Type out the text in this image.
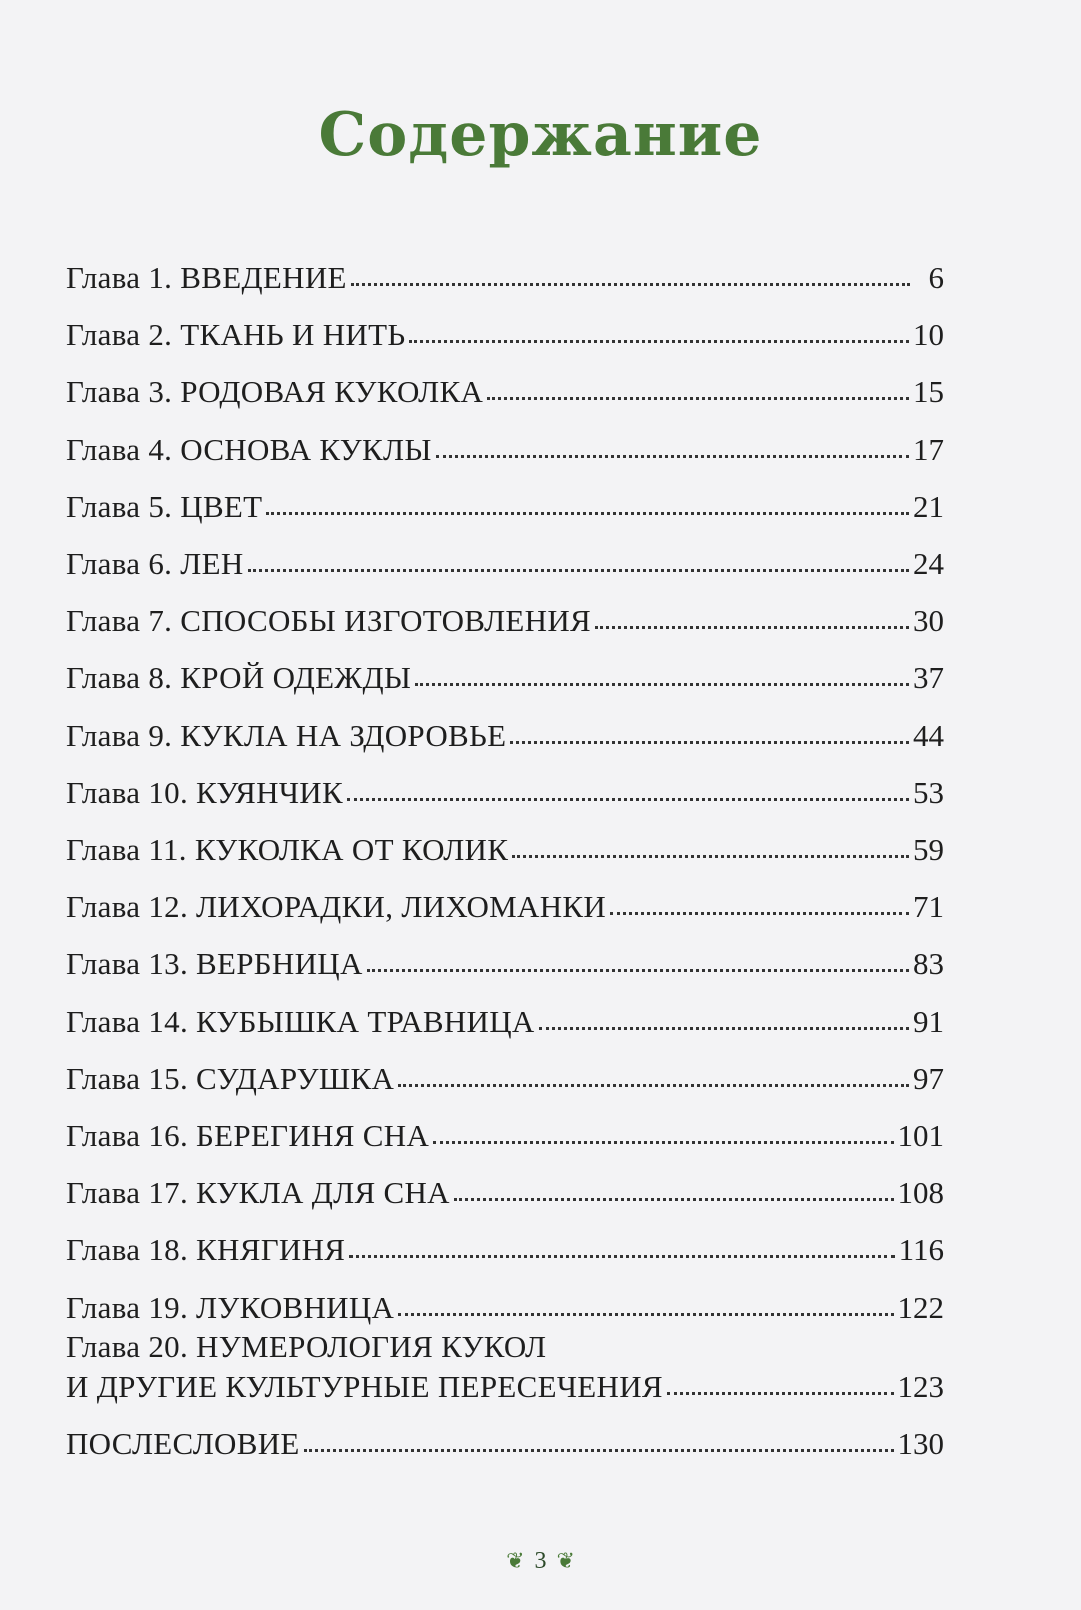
Содержание
Глава 20. НУМЕРОЛОГИЯ КУКОЛ
И ДРУГИЕ КУЛЬТУРНЫЕ ПЕРЕСЕЧЕНИЯ	123
ПОСЛЕСЛОВИЕ	130
Глава 1. ВВЕДЕНИЕ	6
Глава 2. ТКАНЬ И НИТЬ	10
Глава 3. РОДОВАЯ КУКОЛКА	15
Глава 4. ОСНОВА КУКЛЫ	17
Глава 5. ЦВЕТ	21
Глава 6. ЛЕН	24
Глава 7. СПОСОБЫ ИЗГОТОВЛЕНИЯ	30
Глава 8. КРОЙ ОДЕЖДЫ	37
Глава 9. КУКЛА НА ЗДОРОВЬЕ	44
Глава 10. КУЯНЧИК	53
Глава 11. КУКОЛКА ОТ КОЛИК	59
Глава 12. ЛИХОРАДКИ, ЛИХОМАНКИ	71
Глава 13. ВЕРБНИЦА	83
Глава 14. КУБЫШКА ТРАВНИЦА	91
Глава 15. СУДАРУШКА	97
Глава 16. БЕРЕГИНЯ СНА	101
Глава 17. КУКЛА ДЛЯ СНА	108
Глава 18. КНЯГИНЯ	116
Глава 19. ЛУКОВНИЦА	122
❦ 3 ❦
